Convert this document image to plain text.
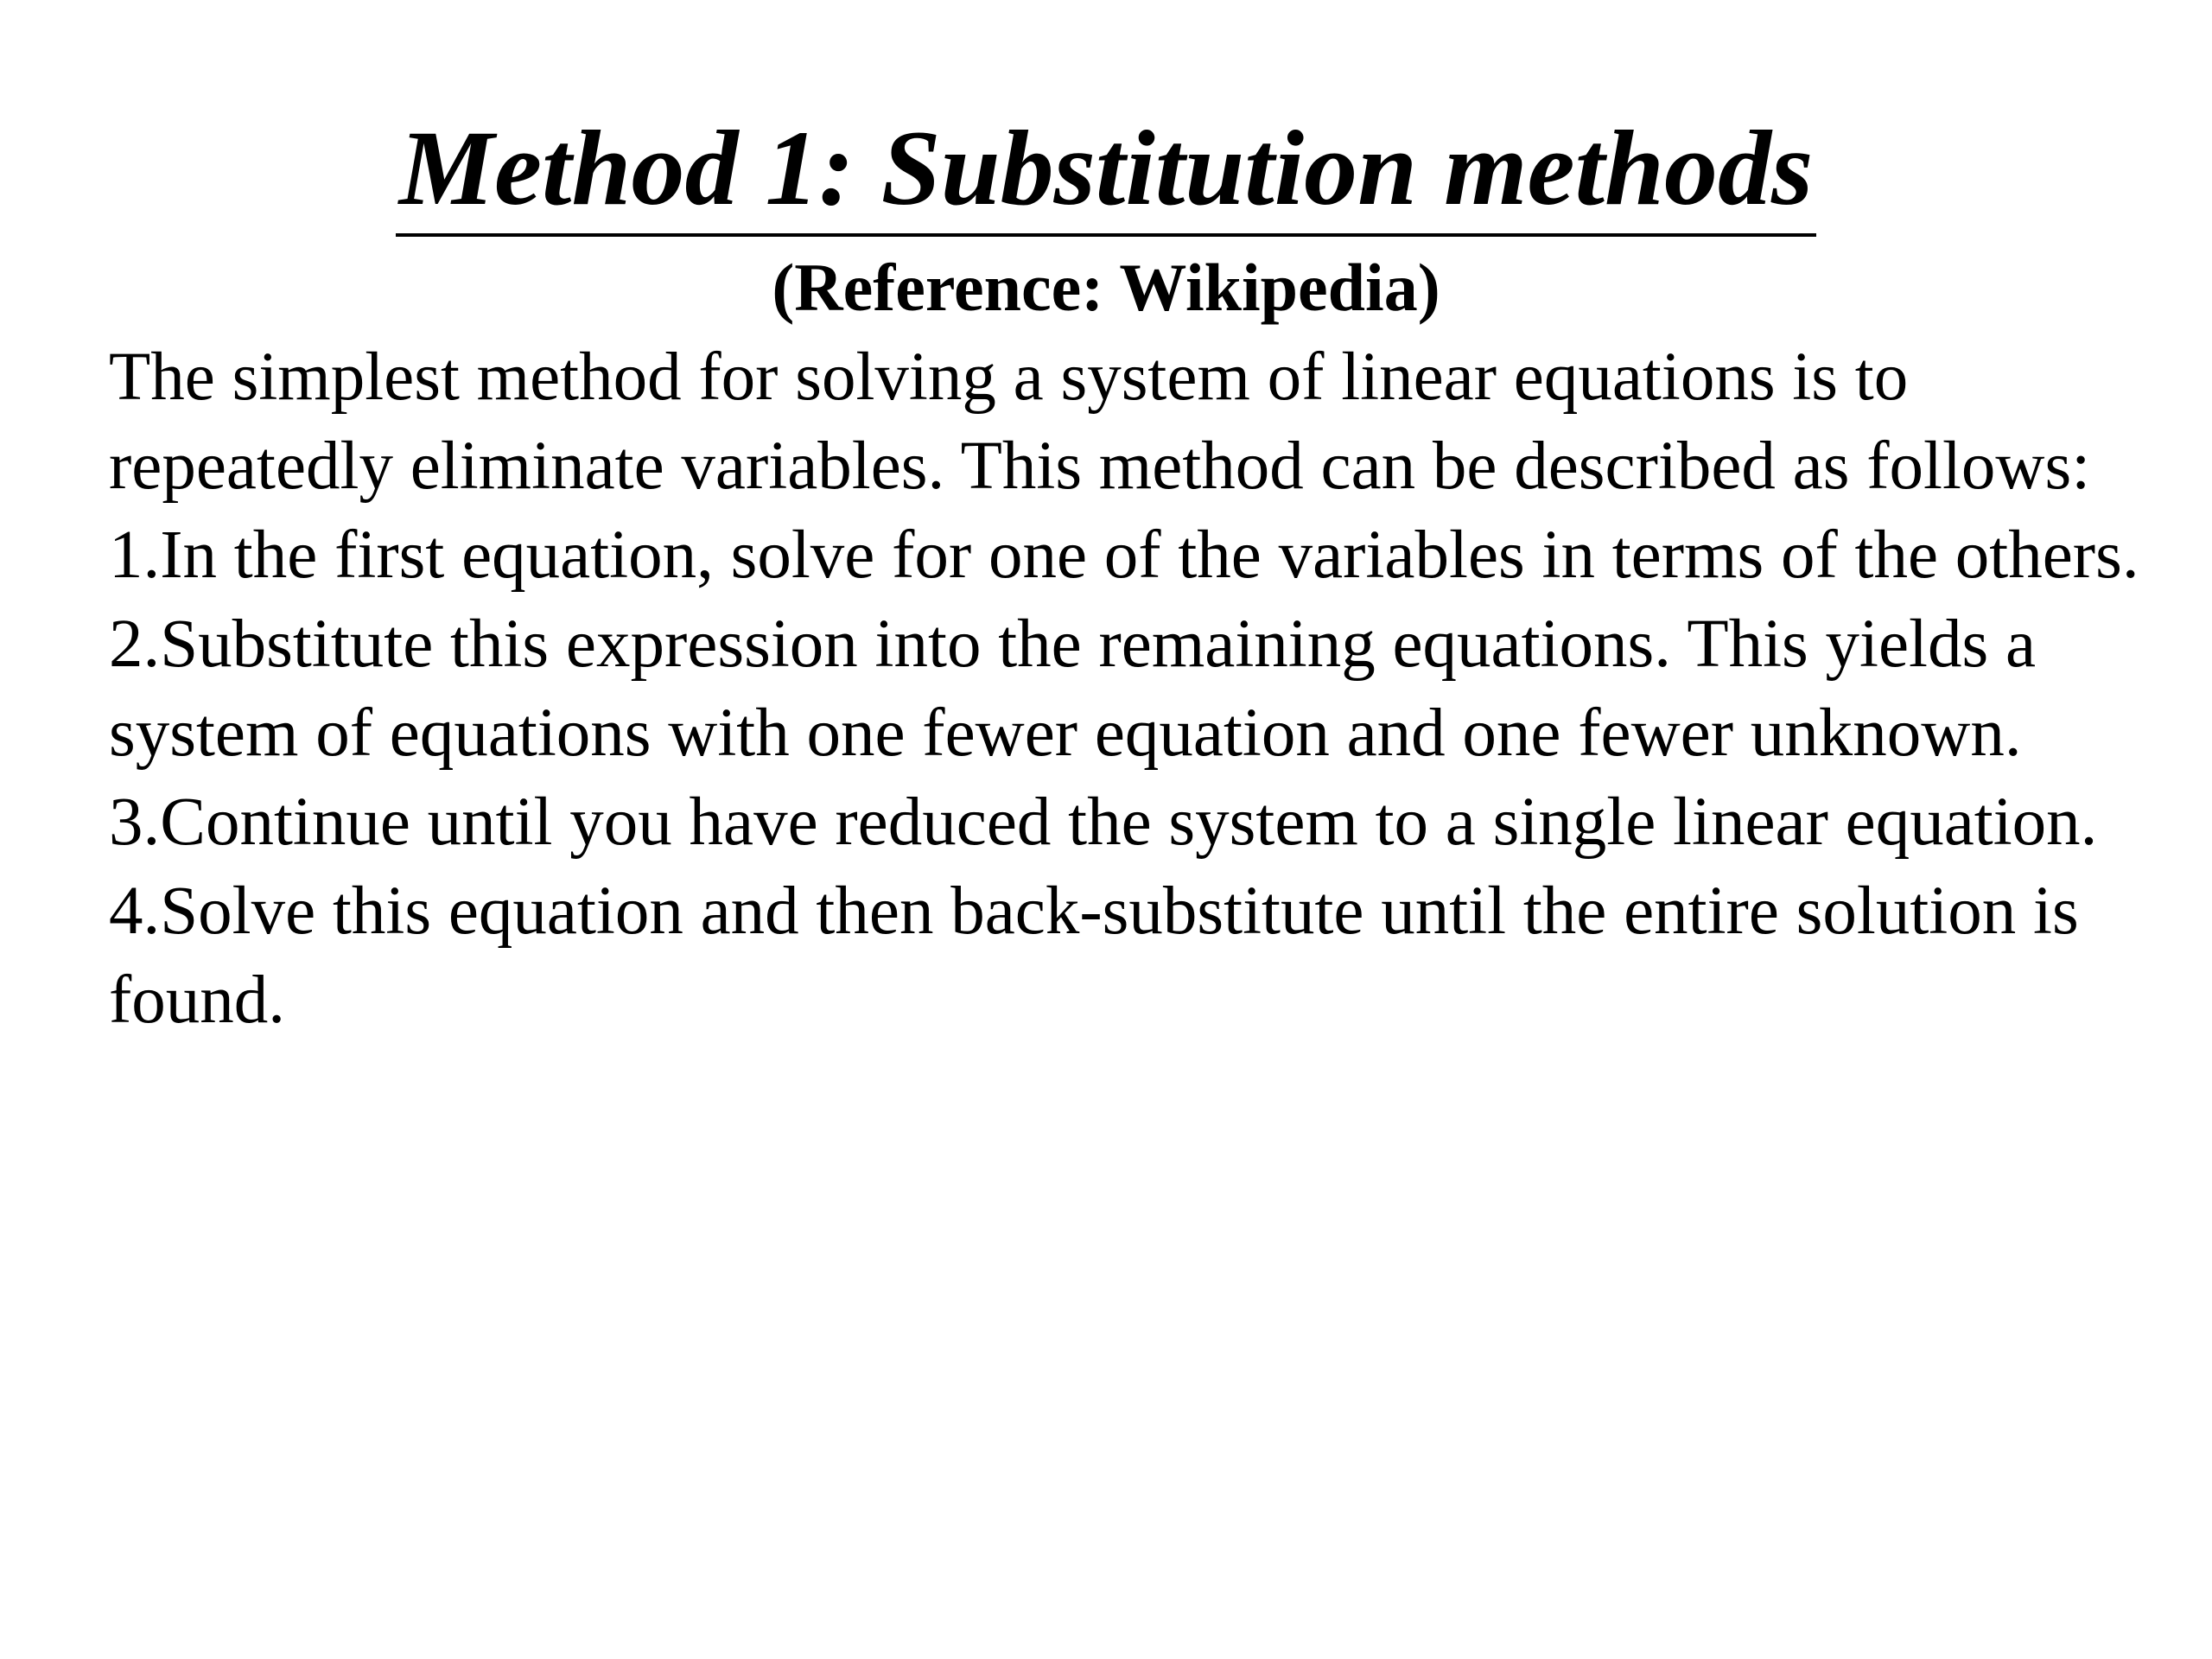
Method 1: Substitution methods
(Reference: Wikipedia)

The simplest method for solving a system of linear equations is to repeatedly eliminate variables. This method can be described as follows:

1.In the first equation, solve for one of the variables in terms of the others.

2.Substitute this expression into the remaining equations. This yields a system of equations with one fewer equation and one fewer unknown.

3.Continue until you have reduced the system to a single linear equation.

4.Solve this equation and then back-substitute until the entire solution is found.
